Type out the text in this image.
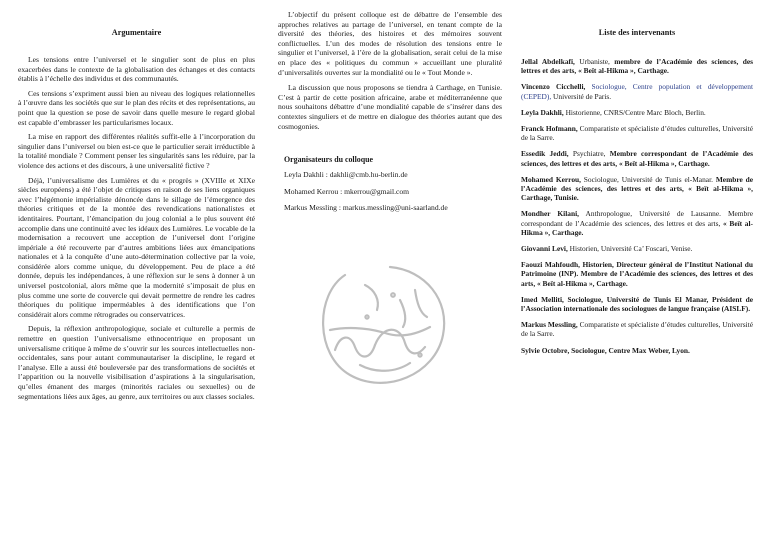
Argumentaire

Les tensions entre l’universel et le singulier sont de plus en plus exacerbées dans le contexte de la globalisation des échanges et des contacts établis à l’échelle des individus et des communautés.

Ces tensions s’expriment aussi bien au niveau des logiques relationnelles à l’œuvre dans les sociétés que sur le plan des récits et des représentations, au point que la question se pose de savoir dans quelle mesure le regard global est capable d’embrasser les particularismes locaux.

La mise en rapport des différentes réalités suffit-elle à l’incorporation du singulier dans l’universel ou bien est-ce que le particulier serait irréductible à la totalité mondiale ? Comment penser les singularités sans les réduire, par la violence des actions et des discours, à une universalité fictive ?

Déjà, l’universalisme des Lumières et du « progrès » (XVIIIe et XIXe siècles européens) a été l’objet de critiques en raison de ses liens organiques avec l’hégémonie impérialiste dénoncée dans le sillage de l’émergence des théories critiques et de la montée des revendications nationalistes et identitaires. Pourtant, l’émancipation du joug colonial a le plus souvent été accomplie dans une continuité avec les idéaux des Lumières. Le vocable de la modernisation a recouvert une acception de l’universel dont l’origine impériale a été recouverte par d’autres ambitions liées aux émancipations nationales et à la conquête d’une auto-détermination collective par la voie, considérée alors comme unique, du développement. Peu de place a été donnée, depuis les indépendances, à une réflexion sur le sens à donner à un universel postcolonial, alors même que la modernité s’imposait de plus en plus comme une sorte de couvercle qui devait permettre de rendre les cadres théoriques du politique imperméables à des identifications que l’on considérait alors comme rétrogrades ou conservatrices.

Depuis, la réflexion anthropologique, sociale et culturelle a permis de remettre en question l’universalisme ethnocentrique en proposant un universalisme critique à même de s’ouvrir sur les sources intellectuelles non-occidentales, sans pour autant communautariser la discipline, le regard et l’analyse. Elle a aussi été bouleversée par des transformations de sociétés et l’apparition ou la nouvelle visibilisation d’aspirations à la singularisation, qu’elles émanent des marges (minorités raciales ou sexuelles) ou de segmentations liées aux âges, au genre, aux territoires ou aux classes sociales.

L’objectif du présent colloque est de débattre de l’ensemble des approches relatives au partage de l’universel, en tenant compte de la diversité des théories, des histoires et des mémoires souvent conflictuelles. L’un des modes de résolution des tensions entre le singulier et l’universel, à l’ère de la globalisation, serait celui de la mise en place des « politiques du commun » accueillant une pluralité d’universalités ouvertes sur la mondialité ou le « Tout Monde ».

La discussion que nous proposons se tiendra à Carthage, en Tunisie. C’est à partir de cette position africaine, arabe et méditerranéenne que nous souhaitons débattre d’une mondialité capable de s’insérer dans des contextes singuliers et de mettre en dialogue des théories autant que des cosmogonies.

Organisateurs du colloque
Leyla Dakhli : dakhli@cmb.hu-berlin.de
Mohamed Kerrou : mkerrou@gmail.com
Markus Messling : markus.messling@uni-saarland.de
Liste des intervenants
Jellal Abdelkafi, Urbaniste, membre de l’Académie des sciences, des lettres et des arts, « Beït al-Hikma », Carthage.
Vincenzo Cicchelli, Sociologue, Centre population et développement (CEPED), Université de Paris.
Leyla Dakhli, Historienne, CNRS/Centre Marc Bloch, Berlin.
Franck Hofmann, Comparatiste et spécialiste d’études culturelles, Université de la Sarre.
Essedik Jeddi, Psychiatre, Membre correspondant de l’Académie des sciences, des lettres et des arts, « Beït al-Hikma », Carthage.
Mohamed Kerrou, Sociologue, Université de Tunis el-Manar. Membre de l’Académie des sciences, des lettres et des arts, « Beït al-Hikma », Carthage, Tunisie.
Mondher Kilani, Anthropologue, Université de Lausanne. Membre correspondant de l’Académie des sciences, des lettres et des arts, « Beït al-Hikma », Carthage.
Giovanni Levi, Historien, Université Ca’ Foscari, Venise.
Faouzi Mahfoudh, Historien, Directeur général de l’Institut National du Patrimoine (INP). Membre de l’Académie des sciences, des lettres et des arts, « Beït al-Hikma », Carthage.
Imed Melliti, Sociologue, Université de Tunis El Manar, Président de l’Association internationale des sociologues de langue française (AISLF).
Markus Messling, Comparatiste et spécialiste d’études culturelles, Université de la Sarre.
Sylvie Octobre, Sociologue, Centre Max Weber, Lyon.
